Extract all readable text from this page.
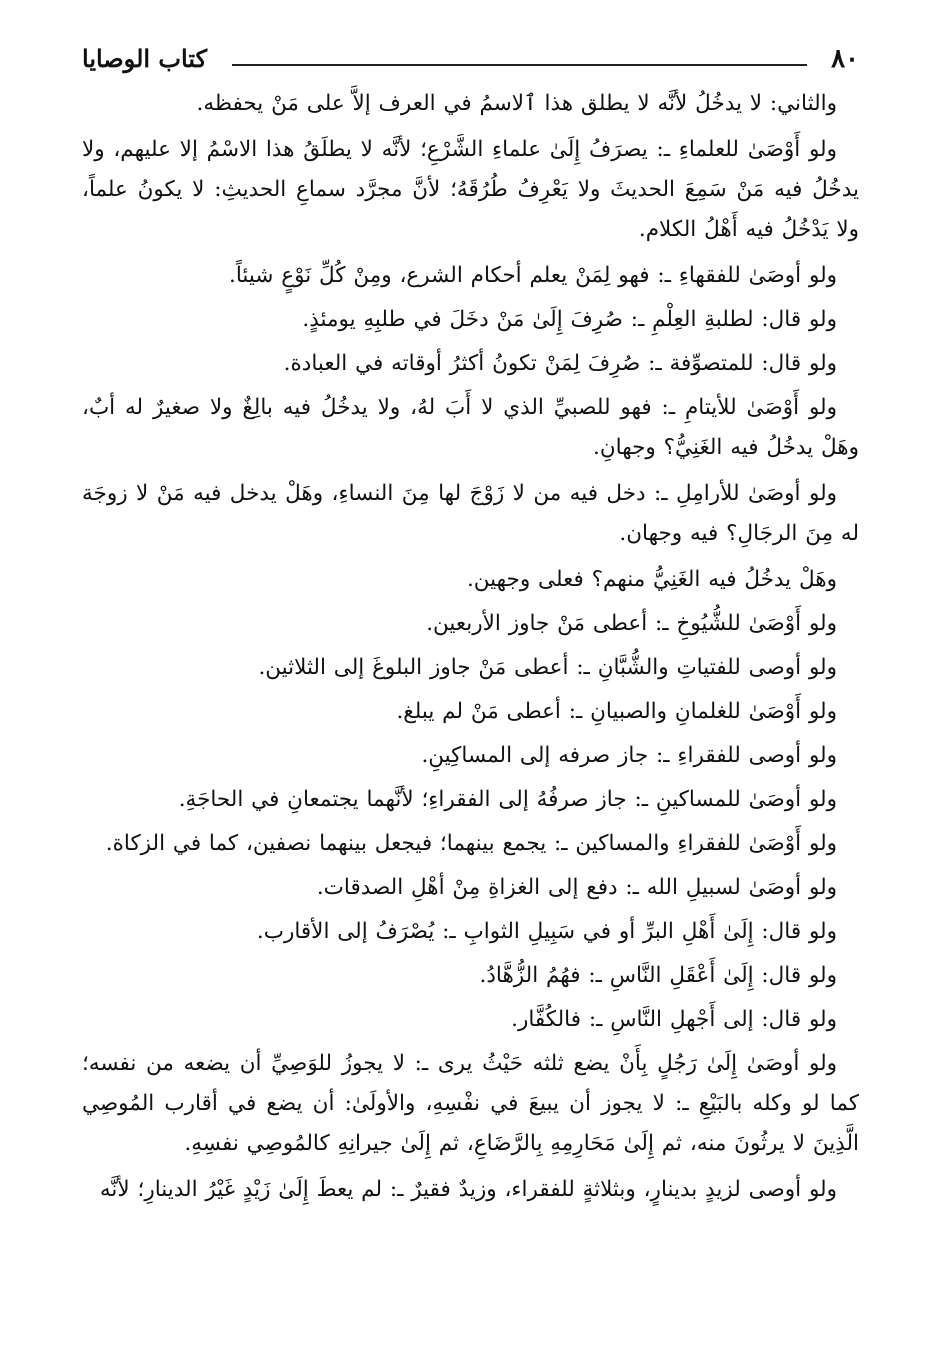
٨٠
كتاب الوصايا

والثاني: لا يدخُلُ لأنَّه لا يطلق هذا ٱلاسمُ في العرف إلاَّ على مَنْ يحفظه.

ولو أَوْصَىٰ للعلماءِ ـ: يصرَفُ إِلَىٰ علماءِ الشَّرْعِ؛ لأنَّه لا يطلَقُ هذا الاسْمُ إلا عليهم، ولا يدخُلُ فيه مَنْ سَمِعَ الحديثَ ولا يَعْرِفُ طُرُقَهُ؛ لأنَّ مجرَّد سماعِ الحديثِ: لا يكونُ علماً، ولا يَدْخُلُ فيه أَهْلُ الكلام.

ولو أوصَىٰ للفقهاءِ ـ: فهو لِمَنْ يعلم أحكام الشرع، ومِنْ كُلِّ نَوْعٍ شيئاً.

ولو قال: لطلبةِ العِلْمِ ـ: صُرِفَ إِلَىٰ مَنْ دخَلَ في طلبِهِ يومئذٍ.

ولو قال: للمتصوِّفة ـ: صُرِفَ لِمَنْ تكونُ أكثرُ أوقاته في العبادة.

ولو أَوْصَىٰ للأيتامِ ـ: فهو للصبيِّ الذي لا أَبَ لهُ، ولا يدخُلُ فيه بالِغٌ ولا صغيرٌ له أبٌ، وهَلْ يدخُلُ فيه الغَنِيُّ؟ وجهانِ.

ولو أوصَىٰ للأرامِلِ ـ: دخل فيه من لا زَوْجَ لها مِنَ النساءِ، وهَلْ يدخل فيه مَنْ لا زوجَة له مِنَ الرجَالِ؟ فيه وجهان.

وهَلْ يدخُلُ فيه الغَنِيُّ منهم؟ فعلى وجهين.

ولو أَوْصَىٰ للشُّيُوخِ ـ: أعطى مَنْ جاوز الأربعين.

ولو أوصى للفتياتِ والشُّبَّانِ ـ: أعطى مَنْ جاوز البلوغَ إلى الثلاثين.

ولو أَوْصَىٰ للغلمانِ والصبيانِ ـ: أعطى مَنْ لم يبلغ.

ولو أوصى للفقراءِ ـ: جاز صرفه إلى المساكِينِ.

ولو أوصَىٰ للمساكينِ ـ: جاز صرفُهُ إلى الفقراءِ؛ لأنَّهما يجتمعانِ في الحاجَةِ.

ولو أَوْصَىٰ للفقراءِ والمساكين ـ: يجمع بينهما؛ فيجعل بينهما نصفين، كما في الزكاة.

ولو أوصَىٰ لسبيلِ الله ـ: دفع إلى الغزاةِ مِنْ أهْلِ الصدقات.

ولو قال: إِلَىٰ أَهْلِ البرِّ أو في سَبِيلِ الثوابِ ـ: يُصْرَفُ إلى الأقارب.

ولو قال: إِلَىٰ أَعْقَلِ النَّاسِ ـ: فهُمُ الزُّهَّادُ.

ولو قال: إلى أَجْهلِ النَّاسِ ـ: فالكُفَّار.

ولو أوصَىٰ إِلَىٰ رَجُلٍ بِأَنْ يضع ثلثه حَيْثُ يرى ـ: لا يجوزُ للوَصِيِّ أن يضعه من نفسه؛ كما لو وكله بالبَيْعِ ـ: لا يجوز أن يبيعَ في نفْسِهِ، والأولَىٰ: أن يضع في أقارب المُوصِي الَّذِينَ لا يرثُونَ منه، ثم إِلَىٰ مَحَارِمِهِ بِالرَّضَاعِ، ثم إِلَىٰ جيرانِهِ كالمُوصِي نفسِهِ.

ولو أوصى لزيدٍ بدينارٍ، وبثلاثةٍ للفقراء، وزيدٌ فقيرٌ ـ: لم يعطَ إِلَىٰ زَيْدٍ غَيْرُ الدينارِ؛ لأنَّه
